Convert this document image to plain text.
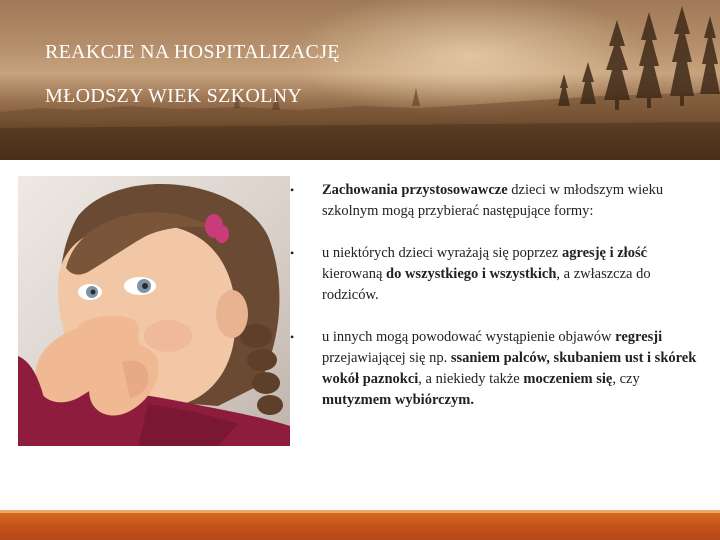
REAKCJE NA HOSPITALIZACJĘ
MŁODSZY WIEK SZKOLNY
• Zachowania przystosowawcze dzieci w młodszym wieku szkolnym mogą przybierać następujące formy:
• u niektórych dzieci wyrażają się poprzez agresję i złość kierowaną do wszystkiego i wszystkich, a zwłaszcza do rodziców.
• u innych mogą powodować wystąpienie objawów regresji przejawiającej się np. ssaniem palców, skubaniem ust i skórek wokół paznokci, a niekiedy także moczeniem się, czy mutyzmem wybiórczym.
